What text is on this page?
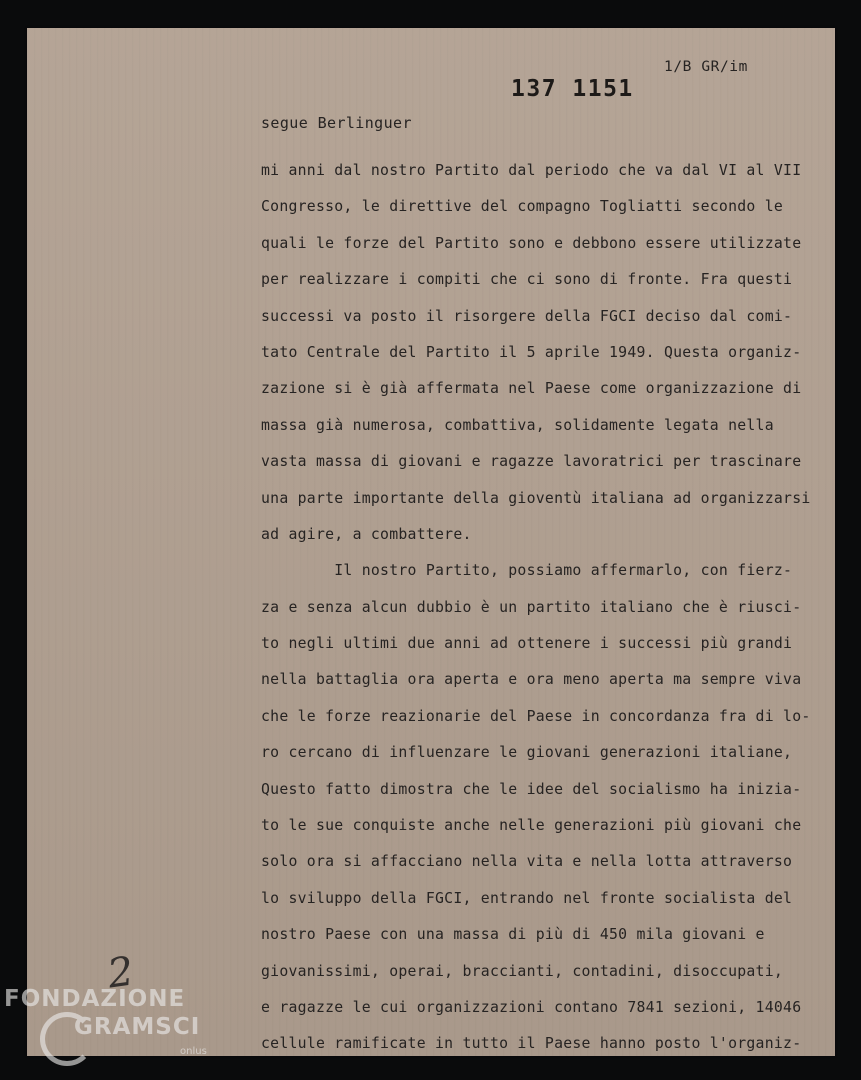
1/B GR/im
137 1151
segue Berlinguer
mi anni dal nostro Partito dal periodo che va dal VI al VII
Congresso, le direttive del compagno Togliatti secondo le
quali le forze del Partito sono e debbono essere utilizzate
per realizzare i compiti che ci sono di fronte. Fra questi
successi va posto il risorgere della FGCI deciso dal comi-
tato Centrale del Partito il 5 aprile 1949. Questa organiz-
zazione si è già affermata nel Paese come organizzazione di
massa già numerosa, combattiva, solidamente legata nella
vasta massa di giovani e ragazze lavoratrici per trascinare
una parte importante della gioventù italiana ad organizzarsi
ad agire, a combattere.
Il nostro Partito, possiamo affermarlo, con fierz-
za e senza alcun dubbio è un partito italiano che è riusci-
to negli ultimi due anni ad ottenere i successi più grandi
nella battaglia ora aperta e ora meno aperta ma sempre viva
che le forze reazionarie del Paese in concordanza fra di lo-
ro cercano di influenzare le giovani generazioni italiane,
Questo fatto dimostra che le idee del socialismo ha inizia-
to le sue conquiste anche nelle generazioni più giovani che
solo ora si affacciano nella vita e nella lotta attraverso
lo sviluppo della FGCI, entrando nel fronte socialista del
nostro Paese con una massa di più di 450 mila giovani e
giovanissimi, operai, braccianti, contadini, disoccupati,
e ragazze le cui organizzazioni contano 7841 sezioni, 14046
cellule ramificate in tutto il Paese hanno posto l'organiz-
2
FONDAZIONE
GRAMSCI
onlus
